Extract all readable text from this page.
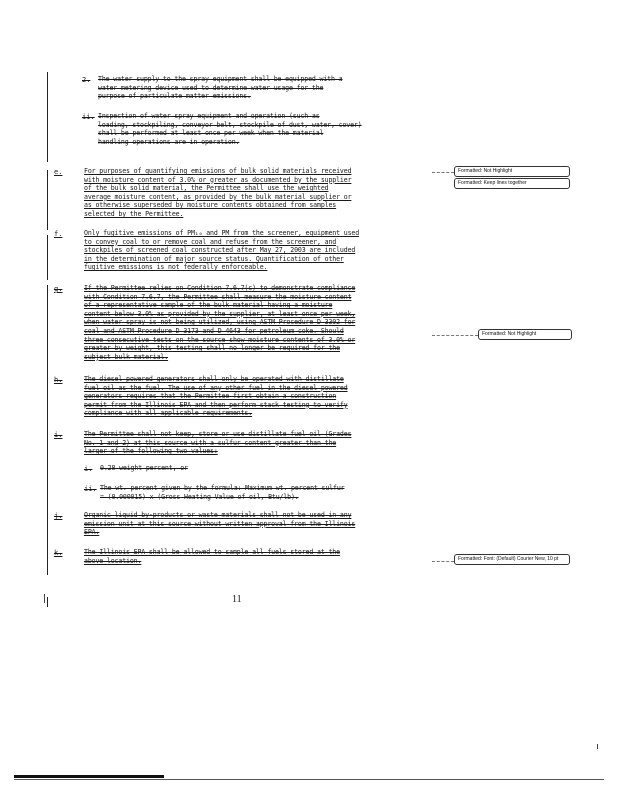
2. The water supply to the spray equipment shall be equipped with a
water metering device used to determine water usage for the
purpose of particulate matter emissions.
ii. Inspection of water spray equipment and operation (such as
loading, stockpiling, conveyor belt, stockpile of dust, water, cover)
shall be performed at least once per week when the material
handling operations are in operation.
e.	For purposes of quantifying emissions of bulk solid materials received
with moisture content of 3.0% or greater as documented by the supplier
of the bulk solid material, the Permittee shall use the weighted
average moisture content, as provided by the bulk material supplier or
as otherwise superseded by moisture contents obtained from samples
selected by the Permittee.
f.	Only fugitive emissions of PM₁₀ and PM from the screener, equipment used
to convey coal to or remove coal and refuse from the screener, and
stockpiles of screened coal constructed after May 27, 2003 are included
in the determination of major source status. Quantification of other
fugitive emissions is not federally enforceable.
g.	If the Permittee relies on Condition 7.6.7(c) to demonstrate compliance
with Condition 7.6.7, the Permittee shall measure the moisture content
of a representative sample of the bulk material having a moisture
content below 3.0% as provided by the supplier, at least once per week,
when water spray is not being utilized, using ASTM Procedure D 3302 for
coal and ASTM Procedure D 3173 and D 4643 for petroleum coke. Should
three consecutive tests on the source show moisture contents of 3.0% or
greater by weight, this testing shall no longer be required for the
subject bulk material.
h.	The diesel powered generators shall only be operated with distillate
fuel oil as the fuel. The use of any other fuel in the diesel powered
generators requires that the Permittee first obtain a construction
permit from the Illinois EPA and then perform stack testing to verify
compliance with all applicable requirements.
i.	The Permittee shall not keep, store or use distillate fuel oil (Grades
No. 1 and 2) at this source with a sulfur content greater than the
larger of the following two values:
i. 0.28 weight percent, or
ii. The wt. percent given by the formula: Maximum wt. percent sulfur
= (0.000015) x (Gross Heating Value of oil, Btu/lb).
j.	Organic liquid by-products or waste materials shall not be used in any
emission unit at this source without written approval from the Illinois
EPA.
k.	The Illinois EPA shall be allowed to sample all fuels stored at the
above location.
11
Formatted: Not Highlight
Formatted: Keep lines together
Formatted: Not Highlight
Formatted: Font: (Default) Courier New, 10 pt
